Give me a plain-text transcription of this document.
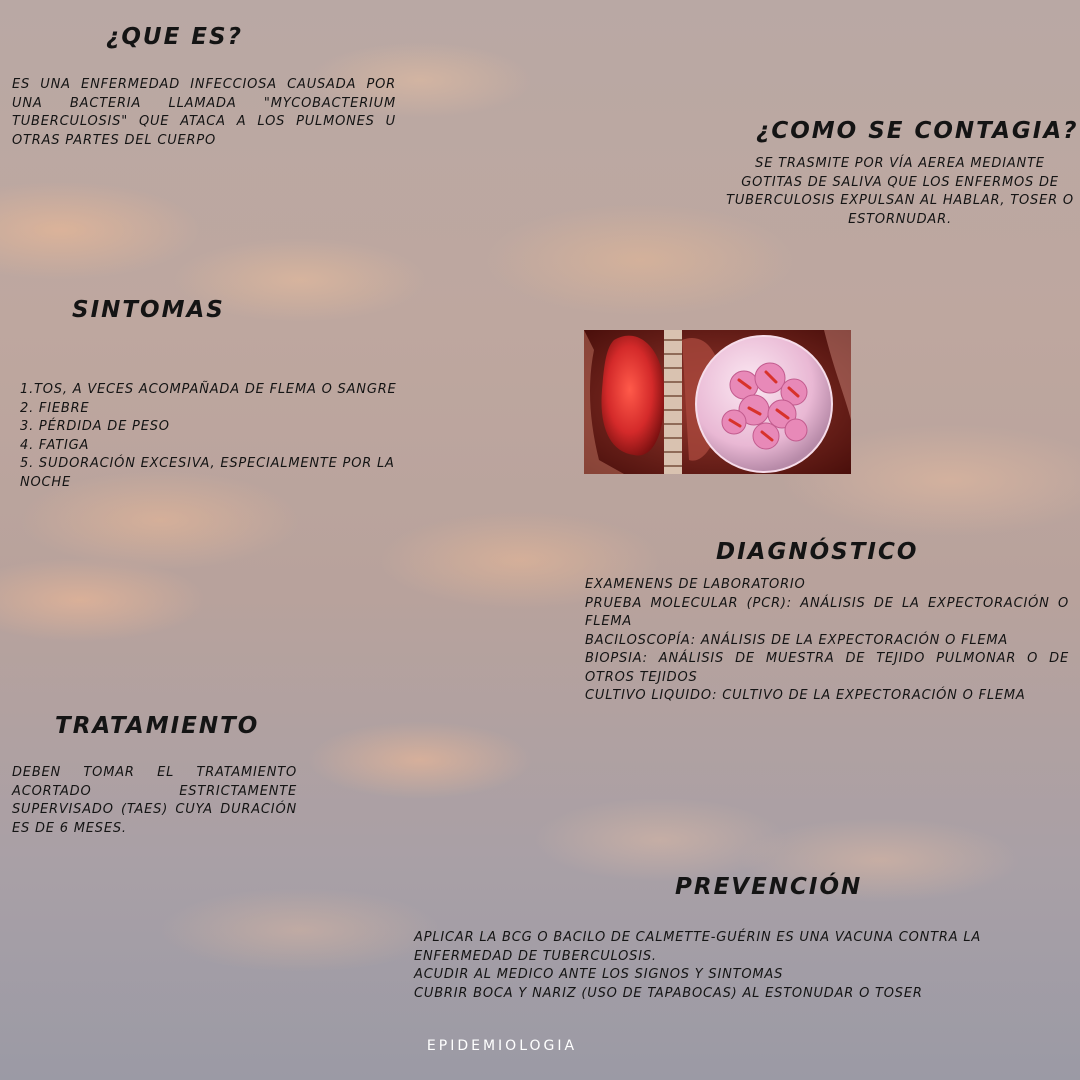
¿QUE ES?

ES UNA ENFERMEDAD INFECCIOSA CAUSADA POR UNA BACTERIA LLAMADA "MYCOBACTERIUM TUBERCULOSIS" QUE ATACA A LOS PULMONES U OTRAS PARTES DEL CUERPO	¿COMO SE CONTAGIA?

SE TRASMITE POR VÍA AEREA MEDIANTE GOTITAS DE SALIVA QUE LOS ENFERMOS DE TUBERCULOSIS EXPULSAN AL HABLAR, TOSER O ESTORNUDAR.

SINTOMAS
1.TOS, A VECES ACOMPAÑADA DE FLEMA O SANGRE
2. FIEBRE
3. PÉRDIDA DE PESO
4. FATIGA
5. SUDORACIÓN EXCESIVA, ESPECIALMENTE POR LA NOCHE
DIAGNÓSTICO
EXAMENENS DE LABORATORIO
PRUEBA MOLECULAR (PCR): ANÁLISIS DE LA EXPECTORACIÓN O FLEMA
BACILOSCOPÍA: ANÁLISIS DE LA EXPECTORACIÓN O FLEMA
BIOPSIA: ANÁLISIS DE MUESTRA DE TEJIDO PULMONAR O DE OTROS TEJIDOS
CULTIVO LIQUIDO: CULTIVO DE LA EXPECTORACIÓN O FLEMA
TRATAMIENTO

DEBEN TOMAR EL TRATAMIENTO ACORTADO ESTRICTAMENTE SUPERVISADO (TAES) CUYA DURACIÓN ES DE 6 MESES.

PREVENCIÓN
APLICAR LA BCG O BACILO DE CALMETTE-GUÉRIN ES UNA VACUNA CONTRA LA ENFERMEDAD DE TUBERCULOSIS.
ACUDIR AL MEDICO ANTE LOS SIGNOS Y SINTOMAS
CUBRIR BOCA Y NARIZ (USO DE TAPABOCAS) AL ESTONUDAR O TOSER
EPIDEMIOLOGIA
